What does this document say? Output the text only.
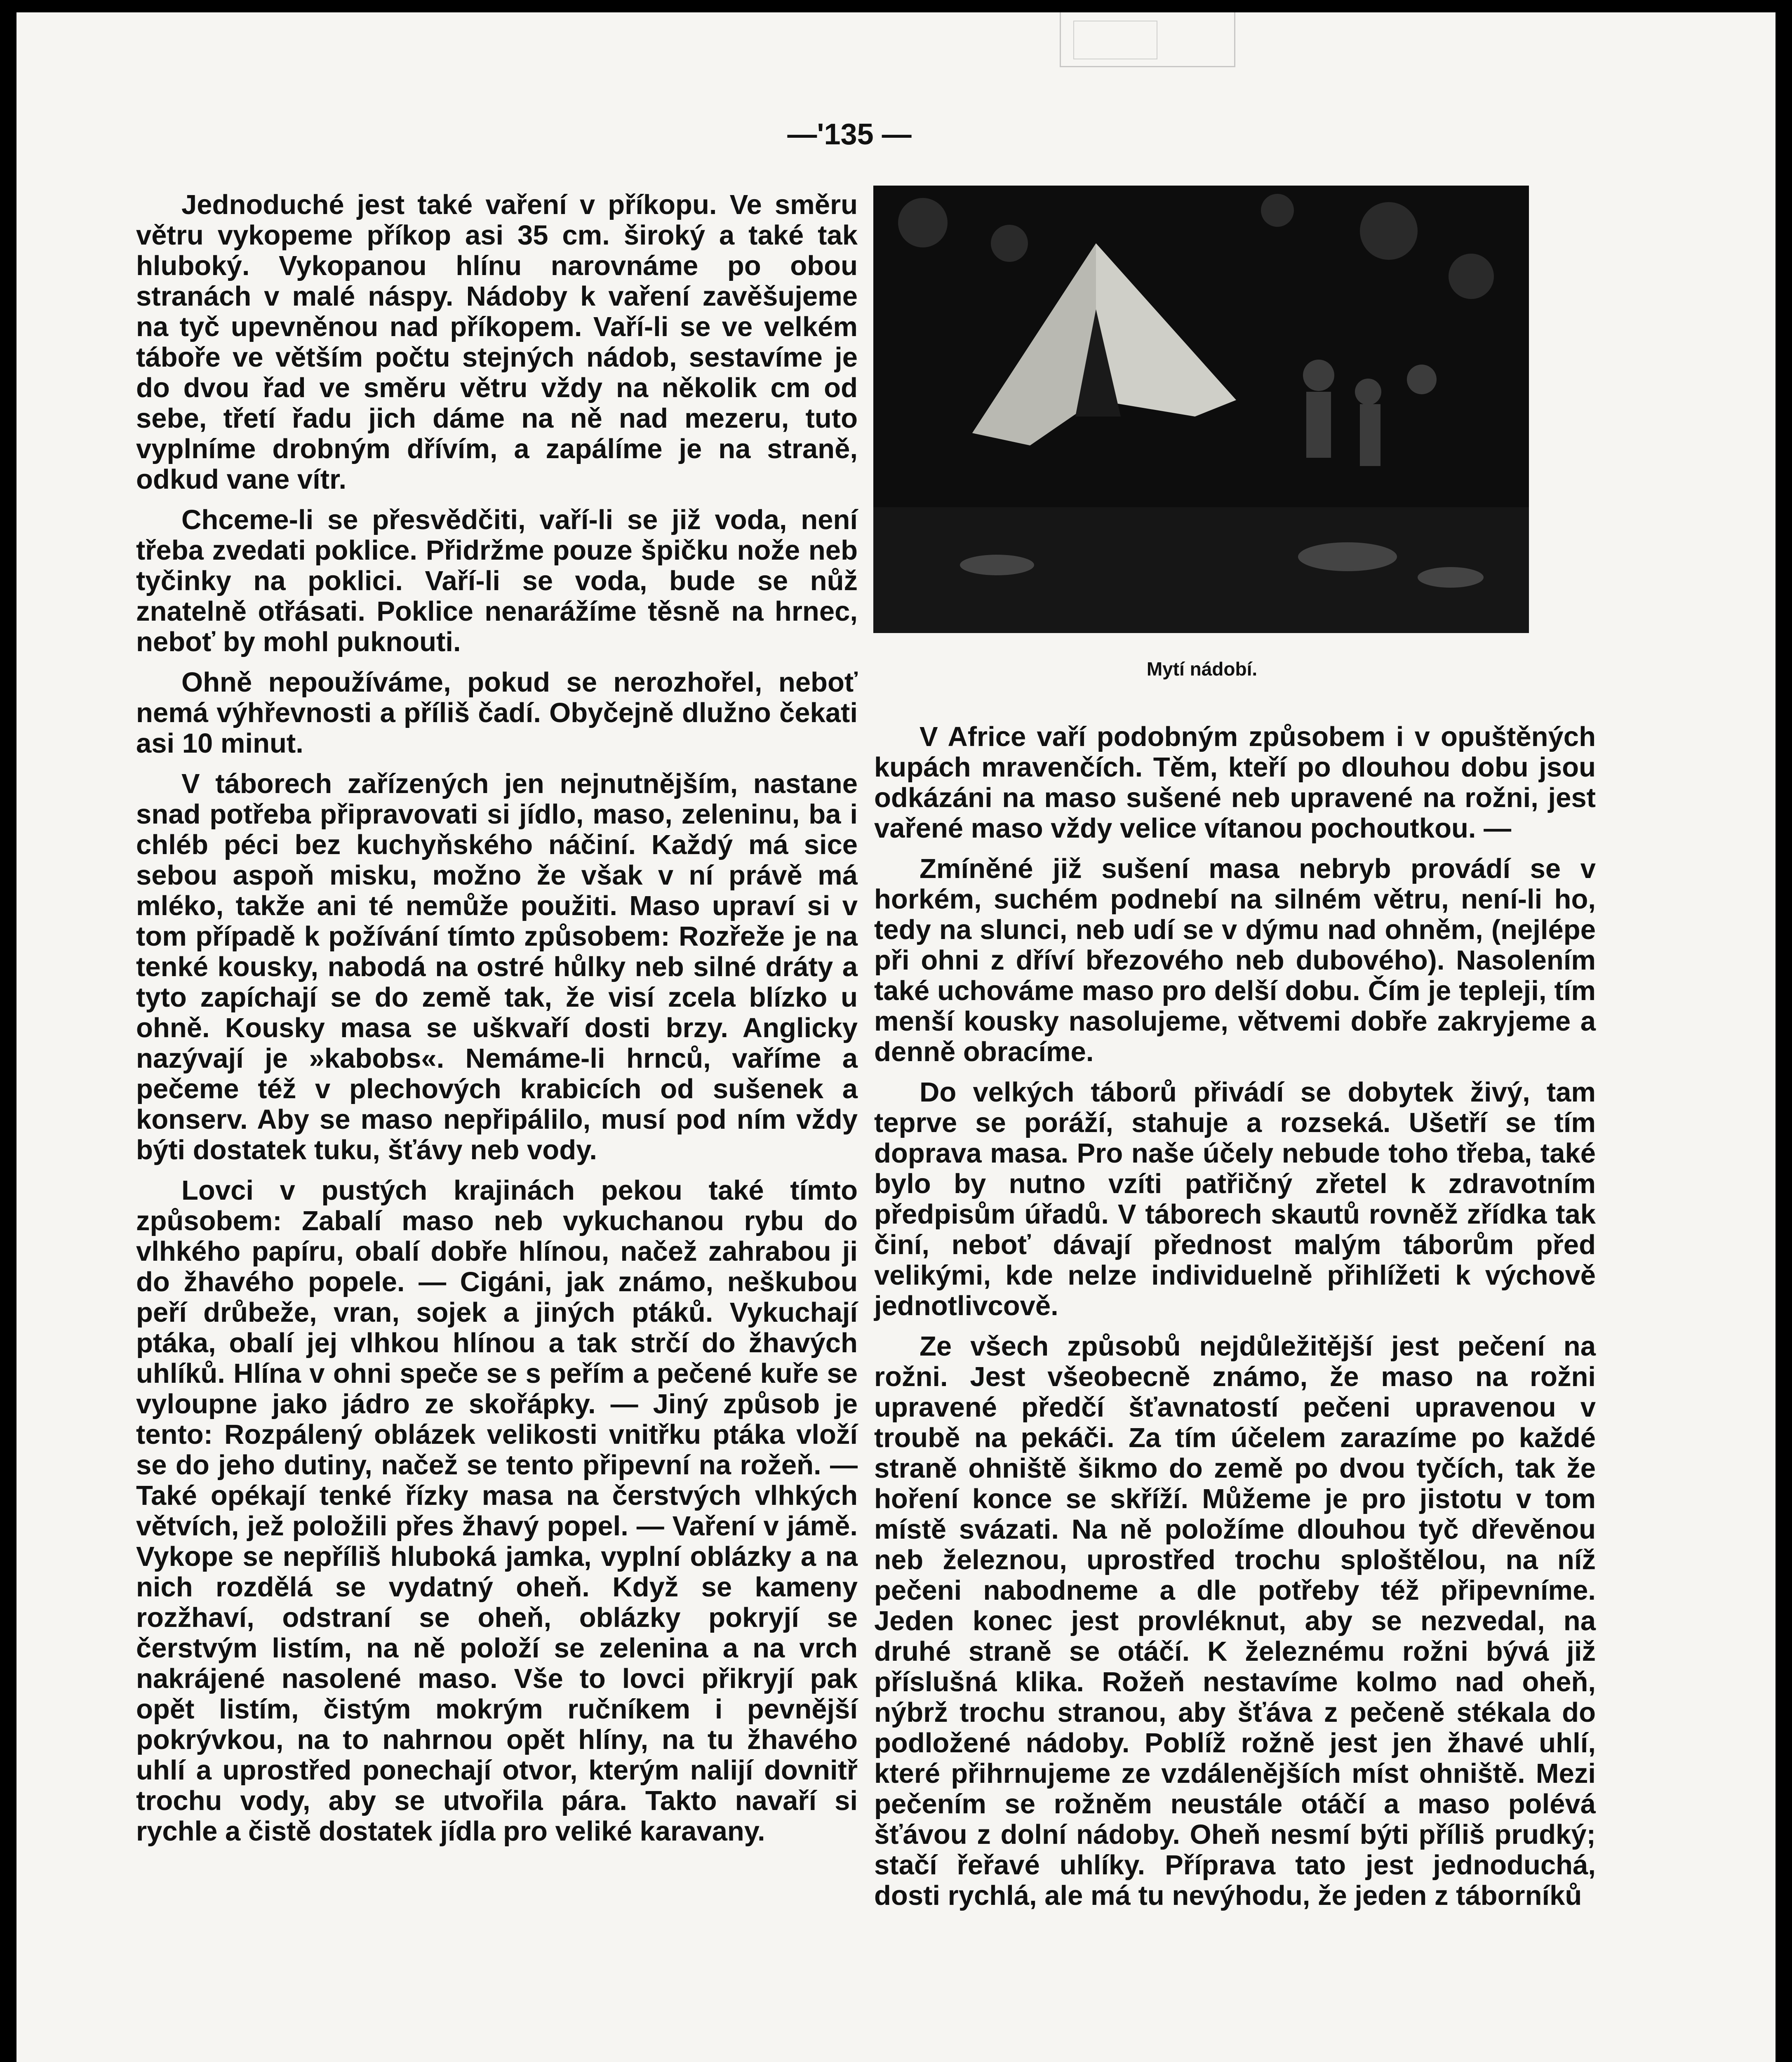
—'135 —

Jednoduché jest také vaření v příkopu. Ve směru větru vykopeme příkop asi 35 cm. široký a také tak hluboký. Vykopanou hlínu narovnáme po obou stranách v malé náspy. Nádoby k vaření zavěšujeme na tyč upevněnou nad příkopem. Vaří-li se ve velkém táboře ve větším počtu stejných nádob, sestavíme je do dvou řad ve směru větru vždy na několik cm od sebe, třetí řadu jich dáme na ně nad mezeru, tuto vyplníme drobným dřívím, a zapálíme je na straně, odkud vane vítr.

Chceme-li se přesvědčiti, vaří-li se již voda, není třeba zvedati poklice. Přidržme pouze špičku nože neb tyčinky na poklici. Vaří-li se voda, bude se nůž znatelně otřásati. Poklice nenarážíme těsně na hrnec, neboť by mohl puknouti.

Ohně nepoužíváme, pokud se nerozhořel, neboť nemá výhřevnosti a příliš čadí. Obyčejně dlužno čekati asi 10 minut.

V táborech zařízených jen nejnutnějším, nastane snad potřeba připravovati si jídlo, maso, zeleninu, ba i chléb péci bez kuchyňského náčiní. Každý má sice sebou aspoň misku, možno že však v ní právě má mléko, takže ani té nemůže použiti. Maso upraví si v tom případě k požívání tímto způsobem: Rozřeže je na tenké kousky, nabodá na ostré hůlky neb silné dráty a tyto zapíchají se do země tak, že visí zcela blízko u ohně. Kousky masa se uškvaří dosti brzy. Anglicky nazývají je »kabobs«. Nemáme-li hrnců, vaříme a pečeme též v plechových krabicích od sušenek a konserv. Aby se maso nepřipálilo, musí pod ním vždy býti dostatek tuku, šťávy neb vody.

Lovci v pustých krajinách pekou také tímto způsobem: Zabalí maso neb vykuchanou rybu do vlhkého papíru, obalí dobře hlínou, načež zahrabou ji do žhavého popele. — Cigáni, jak známo, neškubou peří drůbeže, vran, sojek a jiných ptáků. Vykuchají ptáka, obalí jej vlhkou hlínou a tak strčí do žhavých uhlíků. Hlína v ohni speče se s peřím a pečené kuře se vyloupne jako jádro ze skořápky. — Jiný způsob je tento: Rozpálený oblázek velikosti vnitřku ptáka vloží se do jeho dutiny, načež se tento připevní na rožeň. — Také opékají tenké řízky masa na čerstvých vlhkých větvích, jež položili přes žhavý popel. — Vaření v jámě. Vykope se nepříliš hluboká jamka, vyplní oblázky a na nich rozdělá se vydatný oheň. Když se kameny rozžhaví, odstraní se oheň, oblázky pokryjí se čerstvým listím, na ně položí se zelenina a na vrch nakrájené nasolené maso. Vše to lovci přikryjí pak opět listím, čistým mokrým ručníkem i pevnější pokrývkou, na to nahrnou opět hlíny, na tu žhavého uhlí a uprostřed ponechají otvor, kterým nalijí dovnitř trochu vody, aby se utvořila pára. Takto navaří si rychle a čistě dostatek jídla pro veliké karavany.

Mytí nádobí.

V Africe vaří podobným způsobem i v opuštěných kupách mravenčích. Těm, kteří po dlouhou dobu jsou odkázáni na maso sušené neb upravené na rožni, jest vařené maso vždy velice vítanou pochoutkou. —

Zmíněné již sušení masa nebryb provádí se v horkém, suchém podnebí na silném větru, není-li ho, tedy na slunci, neb udí se v dýmu nad ohněm, (nejlépe při ohni z dříví březového neb dubového). Nasolením také uchováme maso pro delší dobu. Čím je tepleji, tím menší kousky nasolujeme, větvemi dobře zakryjeme a denně obracíme.

Do velkých táborů přivádí se dobytek živý, tam teprve se poráží, stahuje a rozseká. Ušetří se tím doprava masa. Pro naše účely nebude toho třeba, také bylo by nutno vzíti patřičný zřetel k zdravotním předpisům úřadů. V táborech skautů rovněž zřídka tak činí, neboť dávají přednost malým táborům před velikými, kde nelze individuelně přihlížeti k výchově jednotlivcově.

Ze všech způsobů nejdůležitější jest pečení na rožni. Jest všeobecně známo, že maso na rožni upravené předčí šťavnatostí pečeni upravenou v troubě na pekáči. Za tím účelem zarazíme po každé straně ohniště šikmo do země po dvou tyčích, tak že hoření konce se skříží. Můžeme je pro jistotu v tom místě svázati. Na ně položíme dlouhou tyč dřevěnou neb železnou, uprostřed trochu sploštělou, na níž pečeni nabodneme a dle potřeby též připevníme. Jeden konec jest provléknut, aby se nezvedal, na druhé straně se otáčí. K železnému rožni bývá již příslušná klika. Rožeň nestavíme kolmo nad oheň, nýbrž trochu stranou, aby šťáva z pečeně stékala do podložené nádoby. Poblíž rožně jest jen žhavé uhlí, které přihrnujeme ze vzdálenějších míst ohniště. Mezi pečením se rožněm neustále otáčí a maso polévá šťávou z dolní nádoby. Oheň nesmí býti příliš prudký; stačí řeřavé uhlíky. Příprava tato jest jednoduchá, dosti rychlá, ale má tu nevýhodu, že jeden z táborníků
